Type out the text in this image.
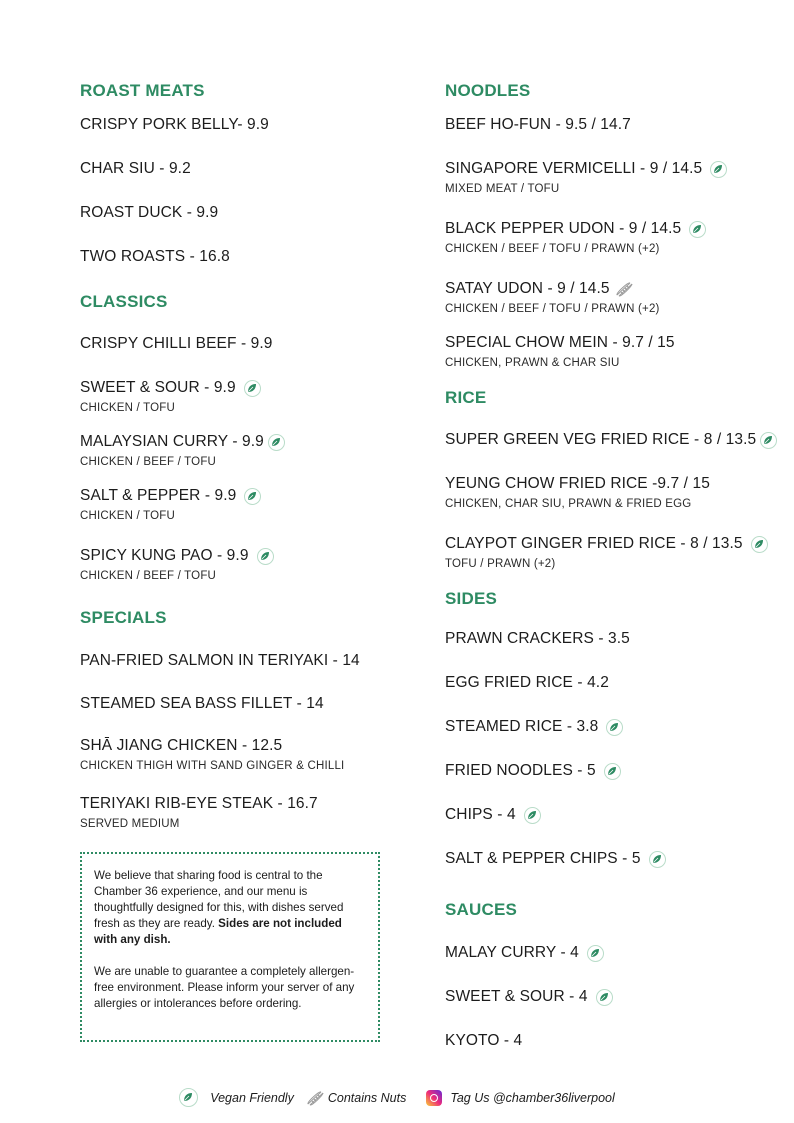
ROAST MEATS
CRISPY PORK BELLY- 9.9
CHAR SIU - 9.2
ROAST DUCK - 9.9
TWO ROASTS - 16.8
CLASSICS
CRISPY CHILLI BEEF - 9.9
SWEET & SOUR - 9.9
CHICKEN / TOFU
MALAYSIAN CURRY - 9.9
CHICKEN / BEEF / TOFU
SALT & PEPPER - 9.9
CHICKEN / TOFU
SPICY KUNG PAO - 9.9
CHICKEN / BEEF / TOFU
SPECIALS
PAN-FRIED SALMON IN TERIYAKI - 14
STEAMED SEA BASS FILLET - 14
SHĀ JIANG CHICKEN - 12.5
CHICKEN THIGH WITH SAND GINGER & CHILLI
TERIYAKI RIB-EYE STEAK - 16.7
SERVED MEDIUM

We believe that sharing food is central to the Chamber 36 experience, and our menu is thoughtfully designed for this, with dishes served fresh as they are ready. Sides are not included with any dish.

We are unable to guarantee a completely allergen-free environment. Please inform your server of any allergies or intolerances before ordering.

NOODLES
BEEF HO-FUN - 9.5 / 14.7
SINGAPORE VERMICELLI - 9 / 14.5
MIXED MEAT / TOFU
BLACK PEPPER UDON - 9 / 14.5
CHICKEN / BEEF / TOFU / PRAWN (+2)
SATAY UDON - 9 / 14.5
CHICKEN / BEEF / TOFU / PRAWN (+2)
SPECIAL CHOW MEIN - 9.7 / 15
CHICKEN, PRAWN & CHAR SIU
RICE
SUPER GREEN VEG FRIED RICE - 8 / 13.5
YEUNG CHOW FRIED RICE -9.7 / 15
CHICKEN, CHAR SIU, PRAWN & FRIED EGG
CLAYPOT GINGER FRIED RICE - 8 / 13.5
TOFU / PRAWN (+2)
SIDES
PRAWN CRACKERS - 3.5
EGG FRIED RICE - 4.2
STEAMED RICE - 3.8
FRIED NOODLES - 5
CHIPS - 4
SALT & PEPPER CHIPS - 5
SAUCES
MALAY CURRY - 4
SWEET & SOUR - 4
KYOTO - 4
Vegan Friendly	Contains Nuts	Tag Us @chamber36liverpool
